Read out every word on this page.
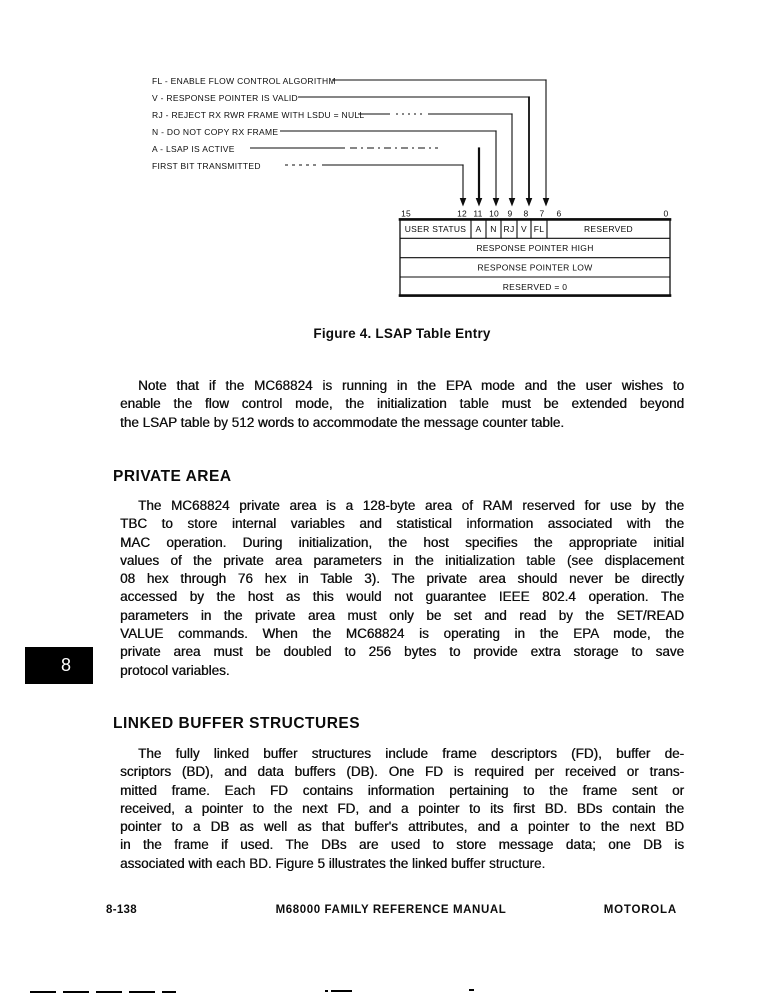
FL - ENABLE FLOW CONTROL ALGORITHM
V - RESPONSE POINTER IS VALID
RJ - REJECT RX RWR FRAME WITH LSDU = NULL
N - DO NOT COPY RX FRAME
A - LSAP IS ACTIVE
FIRST BIT TRANSMITTED
15	12 11 10 9 8 7 6	0
USER STATUS A N RJ V FL	RESERVED
RESPONSE POINTER HIGH
RESPONSE POINTER LOW
RESERVED = 0
Figure 4. LSAP Table Entry
Note that if the MC68824 is running in the EPA mode and the user wishes to
enable the flow control mode, the initialization table must be extended beyond
the LSAP table by 512 words to accommodate the message counter table.
PRIVATE AREA
The MC68824 private area is a 128-byte area of RAM reserved for use by the
TBC to store internal variables and statistical information associated with the
MAC operation. During initialization, the host specifies the appropriate initial
values of the private area parameters in the initialization table (see displacement
08 hex through 76 hex in Table 3). The private area should never be directly
accessed by the host as this would not guarantee IEEE 802.4 operation. The
parameters in the private area must only be set and read by the SET/READ
VALUE commands. When the MC68824 is operating in the EPA mode, the
private area must be doubled to 256 bytes to provide extra storage to save
protocol variables.
LINKED BUFFER STRUCTURES
The fully linked buffer structures include frame descriptors (FD), buffer de-
scriptors (BD), and data buffers (DB). One FD is required per received or trans-
mitted frame. Each FD contains information pertaining to the frame sent or
received, a pointer to the next FD, and a pointer to its first BD. BDs contain the
pointer to a DB as well as that buffer's attributes, and a pointer to the next BD
in the frame if used. The DBs are used to store message data; one DB is
associated with each BD. Figure 5 illustrates the linked buffer structure.
8
8-138	M68000 FAMILY REFERENCE MANUAL	MOTOROLA
